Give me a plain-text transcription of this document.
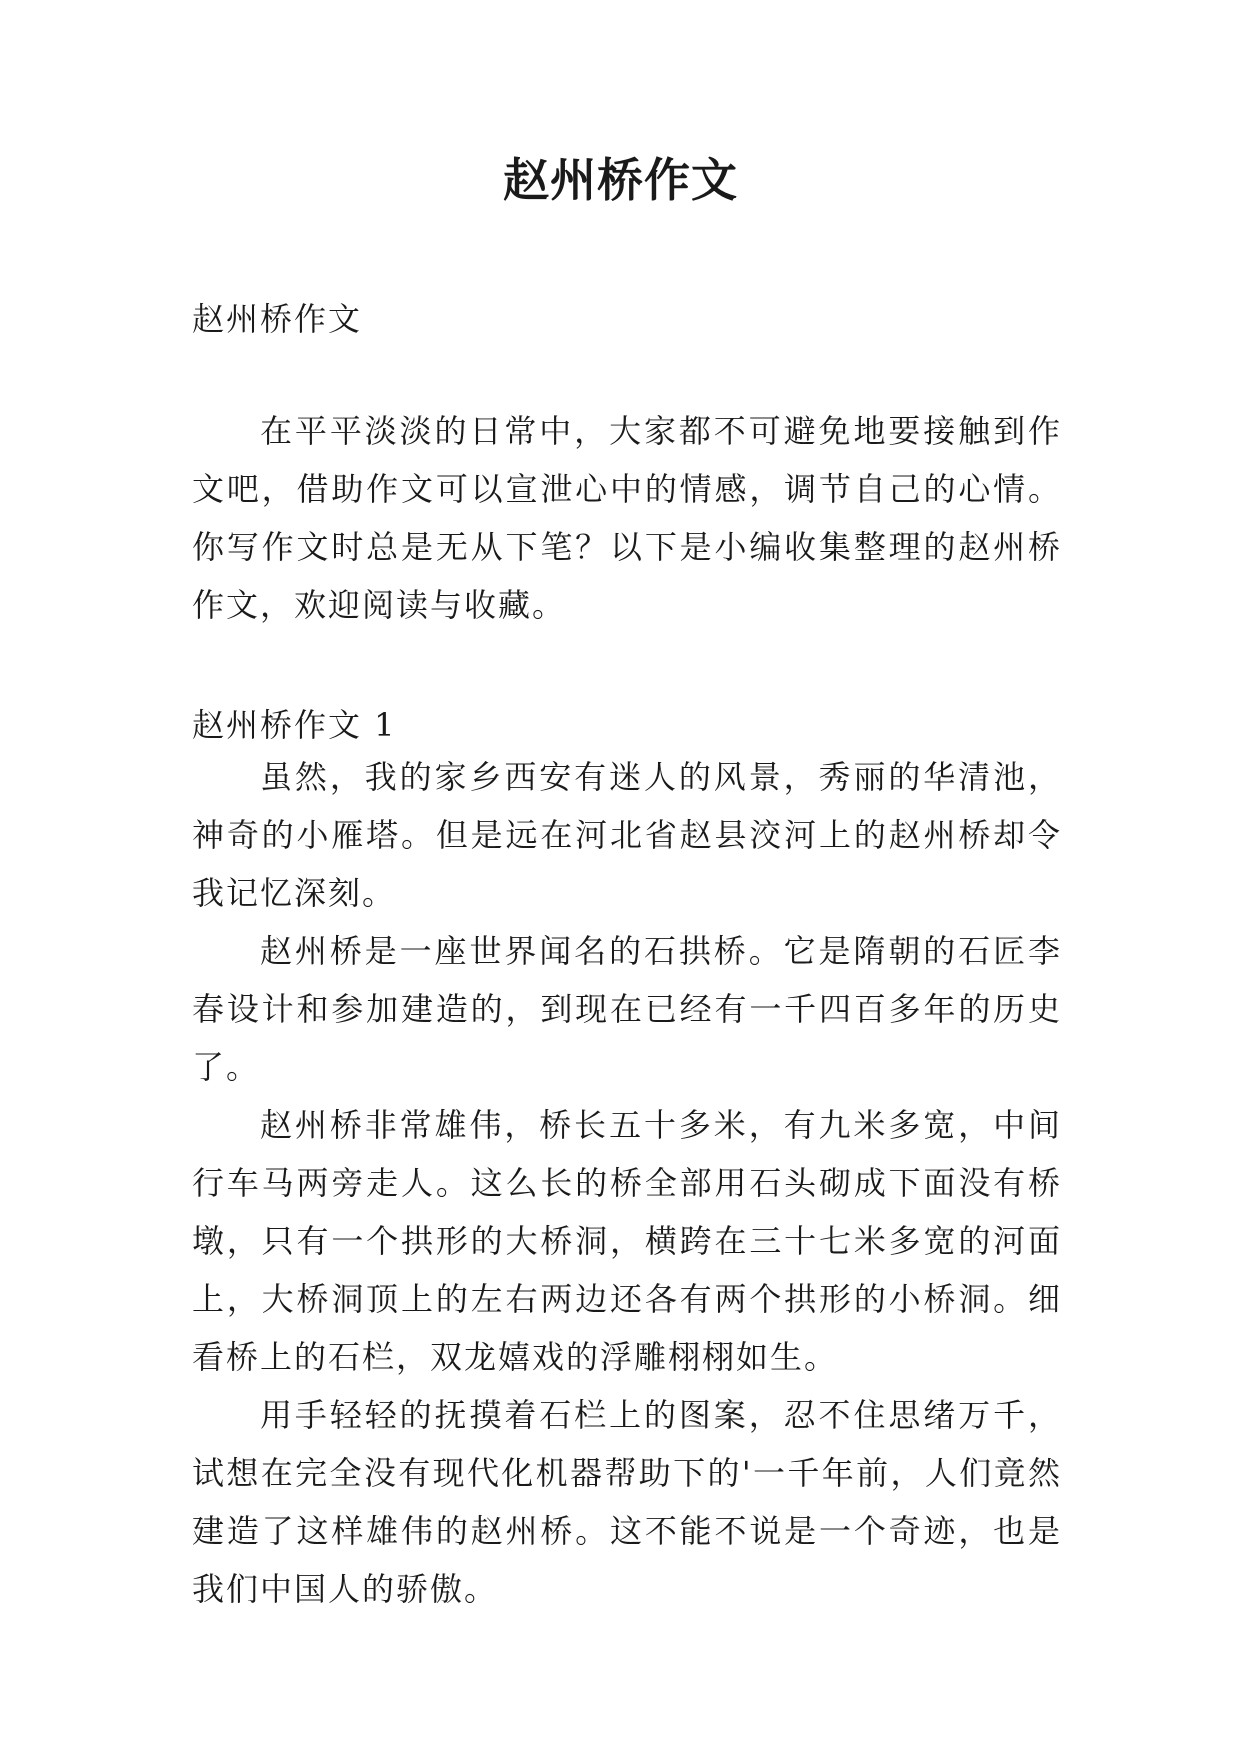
赵州桥作文

赵州桥作文

在平平淡淡的日常中，大家都不可避免地要接触到作文吧，借助作文可以宣泄心中的情感，调节自己的心情。你写作文时总是无从下笔？以下是小编收集整理的赵州桥作文，欢迎阅读与收藏。

赵州桥作文 1

虽然，我的家乡西安有迷人的风景，秀丽的华清池，神奇的小雁塔。但是远在河北省赵县洨河上的赵州桥却令我记忆深刻。

赵州桥是一座世界闻名的石拱桥。它是隋朝的石匠李春设计和参加建造的，到现在已经有一千四百多年的历史了。

赵州桥非常雄伟，桥长五十多米，有九米多宽，中间行车马两旁走人。这么长的桥全部用石头砌成下面没有桥墩，只有一个拱形的大桥洞，横跨在三十七米多宽的河面上，大桥洞顶上的左右两边还各有两个拱形的小桥洞。细看桥上的石栏，双龙嬉戏的浮雕栩栩如生。

用手轻轻的抚摸着石栏上的图案，忍不住思绪万千，试想在完全没有现代化机器帮助下的'一千年前，人们竟然建造了这样雄伟的赵州桥。这不能不说是一个奇迹，也是我们中国人的骄傲。
